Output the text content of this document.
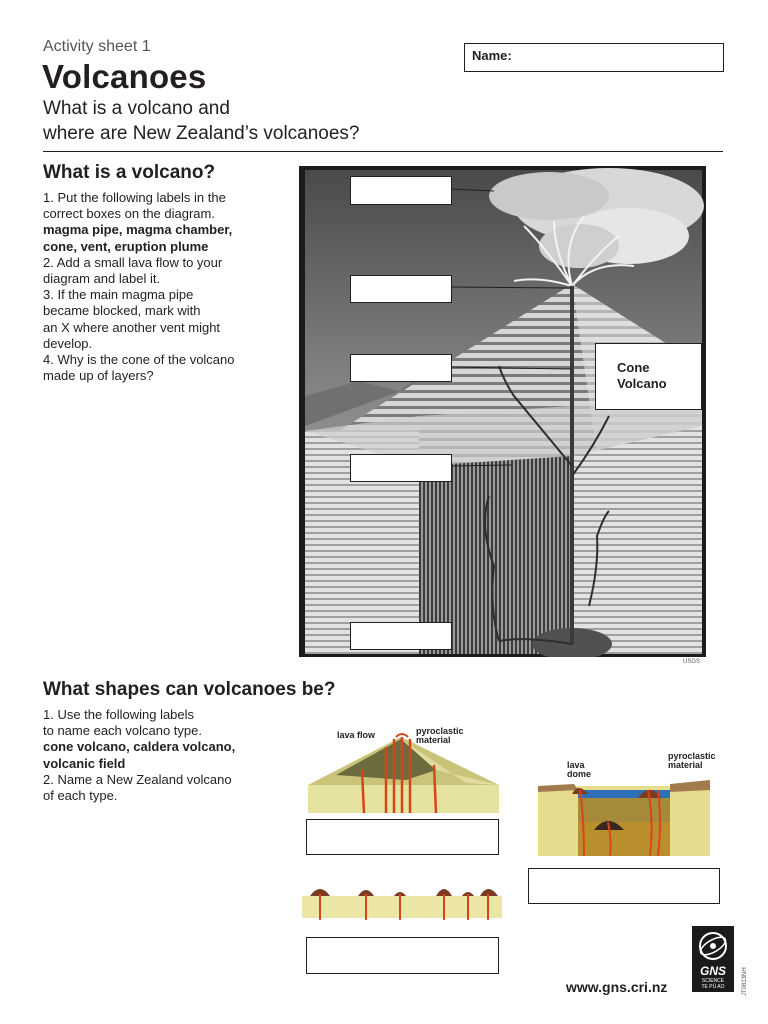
Activity sheet 1
Volcanoes
What is a volcano and
where are New Zealand’s volcanoes?
Name:
What is a volcano?
1. Put the following labels in the
correct boxes on the diagram.
magma pipe, magma chamber,
cone, vent, eruption plume
2. Add a small lava flow to your
diagram and label it.
3. If the main magma pipe
became blocked, mark with
an X where another vent might
develop.
4. Why is the cone of the volcano
made up of layers?
Cone
Volcano
USGS
What shapes can volcanoes be?
1. Use the following labels
to name each volcano type.
cone volcano, caldera volcano,
volcanic field
2. Name a New Zealand volcano
of each type.
lava flow	pyroclastic
material
lava
dome
pyroclastic
material
www.gns.cri.nz
GNS
SCIENCE
TE PŪ AO	JT0813NH
